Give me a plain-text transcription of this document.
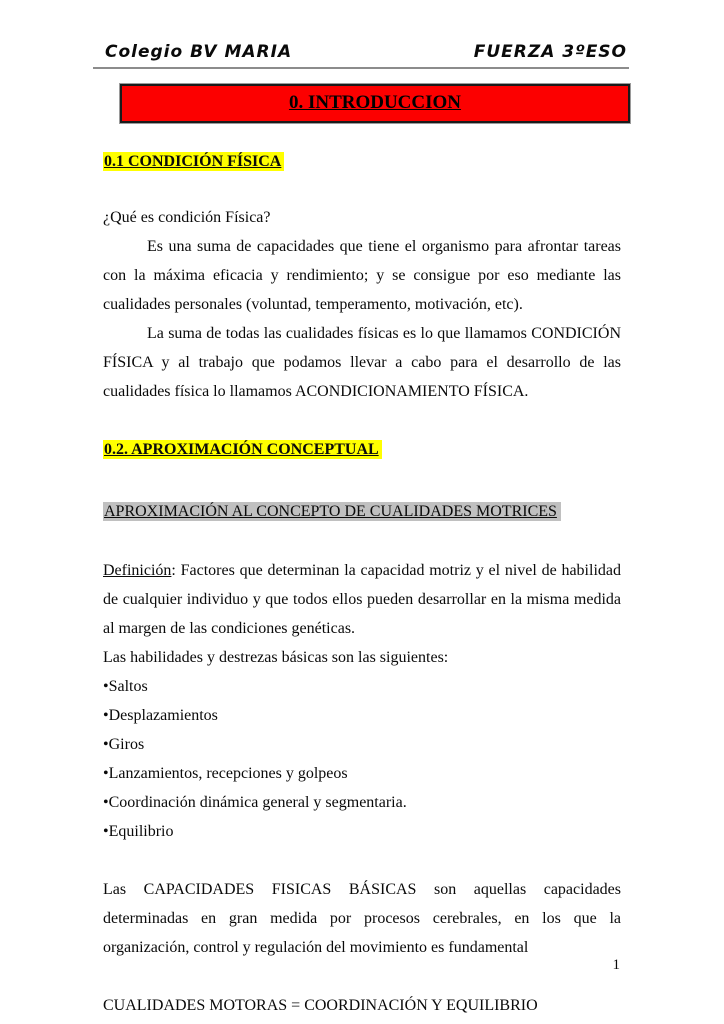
Colegio BV MARIA	FUERZA 3ºESO
0. INTRODUCCION

0.1 CONDICIÓN FÍSICA

¿Qué es condición Física?

Es una suma de capacidades que tiene el organismo para afrontar tareas con la máxima eficacia y rendimiento; y se consigue por eso mediante las cualidades personales (voluntad, temperamento, motivación, etc).

La suma de todas las cualidades físicas es lo que llamamos CONDICIÓN FÍSICA y al trabajo que podamos llevar a cabo para el desarrollo de las cualidades física lo llamamos ACONDICIONAMIENTO FÍSICA.

0.2. APROXIMACIÓN CONCEPTUAL

APROXIMACIÓN AL CONCEPTO DE CUALIDADES MOTRICES

Definición: Factores que determinan la capacidad motriz y el nivel de habilidad de cualquier individuo y que todos ellos pueden desarrollar en la misma medida al margen de las condiciones genéticas.

Las habilidades y destrezas básicas son las siguientes:

• Saltos
• Desplazamientos
• Giros
• Lanzamientos, recepciones y golpeos
• Coordinación dinámica general y segmentaria.
• Equilibrio

Las CAPACIDADES FISICAS BÁSICAS son aquellas capacidades determinadas en gran medida por procesos cerebrales, en los que la organización, control y regulación del movimiento es fundamental

CUALIDADES MOTORAS = COORDINACIÓN Y EQUILIBRIO

1
